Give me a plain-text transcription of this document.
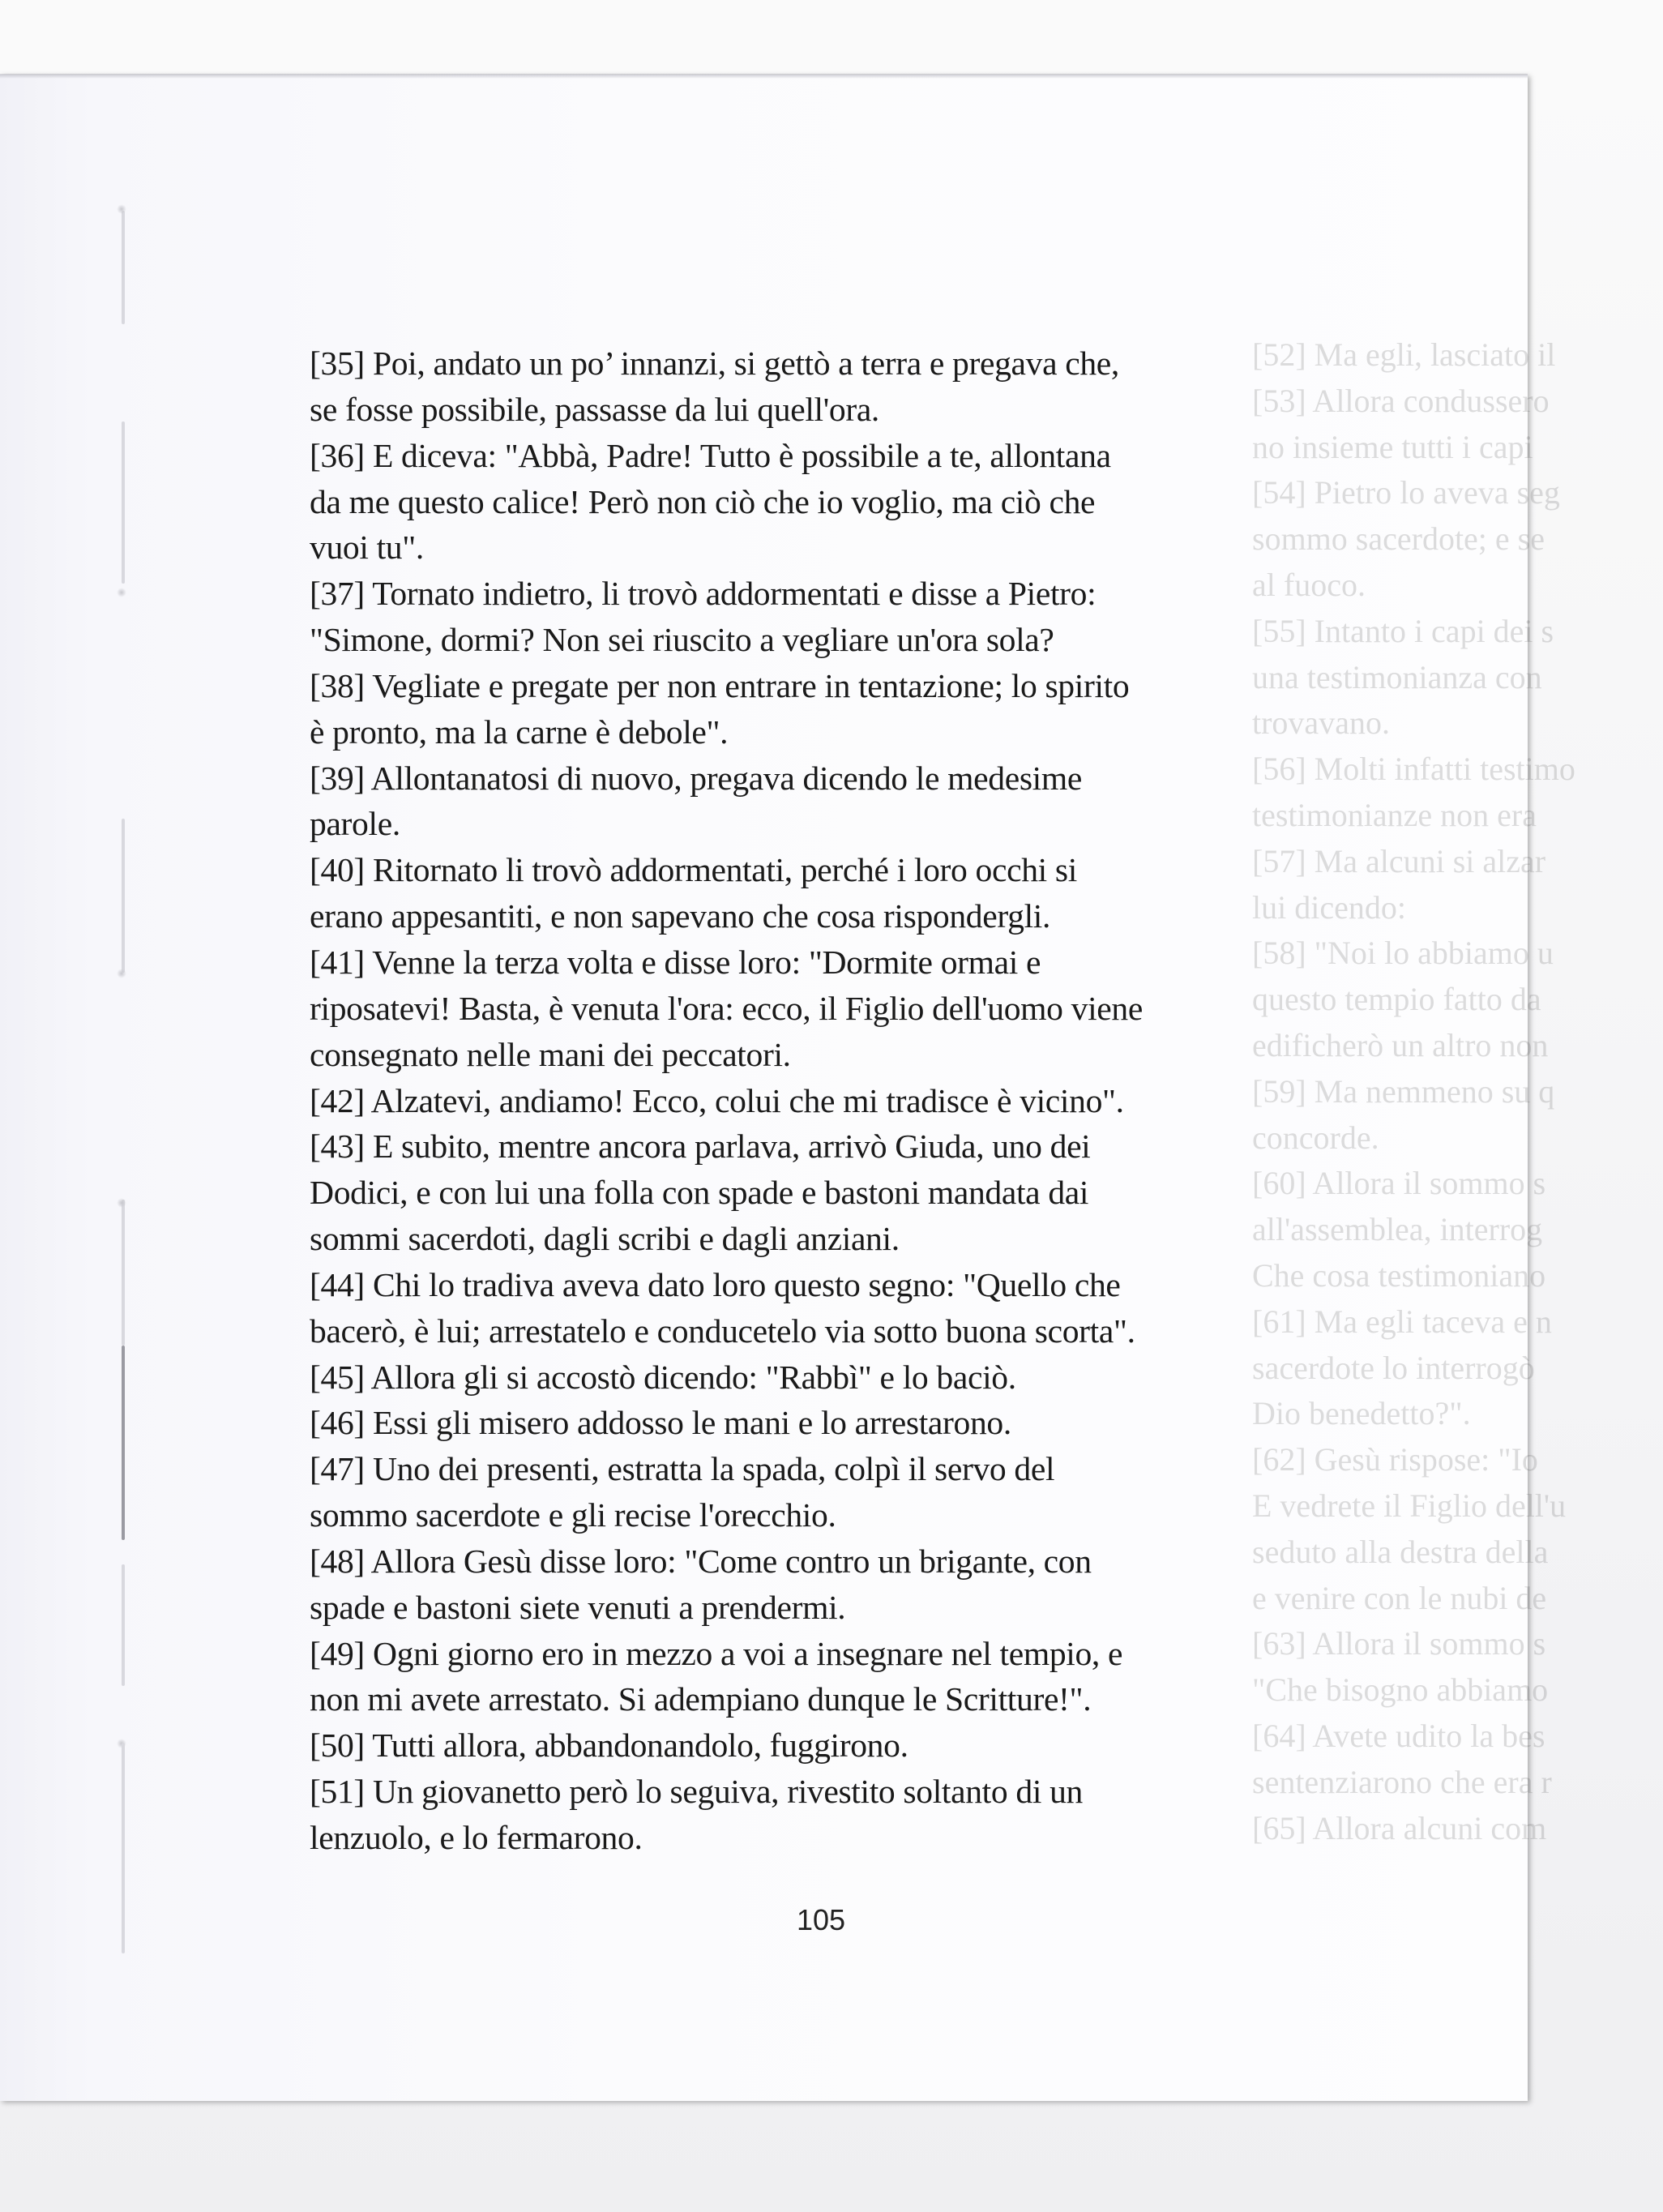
[52] Ma egli, lasciato il
[53] Allora condussero
no insieme tutti i capi
[54] Pietro lo aveva seg
sommo sacerdote; e se
al fuoco.
[55] Intanto i capi dei s
una testimonianza con
trovavano.
[56] Molti infatti testimo
testimonianze non era
[57] Ma alcuni si alzar
lui dicendo:
[58] "Noi lo abbiamo u
questo tempio fatto da
edificherò un altro non
[59] Ma nemmeno su q
concorde.
[60] Allora il sommo s
all'assemblea, interrog
Che cosa testimoniano
[61] Ma egli taceva e n
sacerdote lo interrogò
Dio benedetto?".
[62] Gesù rispose: "Io
E vedrete il Figlio dell'u
seduto alla destra della
e venire con le nubi de
[63] Allora il sommo s
"Che bisogno abbiamo
[64] Avete udito la bes
sentenziarono che era r
[65] Allora alcuni com
[35] Poi, andato un po’ innanzi, si gettò a terra e pregava che,
se fosse possibile, passasse da lui quell'ora.
[36] E diceva: "Abbà, Padre! Tutto è possibile a te, allontana
da me questo calice! Però non ciò che io voglio, ma ciò che
vuoi tu".
[37] Tornato indietro, li trovò addormentati e disse a Pietro:
"Simone, dormi? Non sei riuscito a vegliare un'ora sola?
[38] Vegliate e pregate per non entrare in tentazione; lo spirito
è pronto, ma la carne è debole".
[39] Allontanatosi di nuovo, pregava dicendo le medesime
parole.
[40] Ritornato li trovò addormentati, perché i loro occhi si
erano appesantiti, e non sapevano che cosa rispondergli.
[41] Venne la terza volta e disse loro: "Dormite ormai e
riposatevi! Basta, è venuta l'ora: ecco, il Figlio dell'uomo viene
consegnato nelle mani dei peccatori.
[42] Alzatevi, andiamo! Ecco, colui che mi tradisce è vicino".
[43] E subito, mentre ancora parlava, arrivò Giuda, uno dei
Dodici, e con lui una folla con spade e bastoni mandata dai
sommi sacerdoti, dagli scribi e dagli anziani.
[44] Chi lo tradiva aveva dato loro questo segno: "Quello che
bacerò, è lui; arrestatelo e conducetelo via sotto buona scorta".
[45] Allora gli si accostò dicendo: "Rabbì" e lo baciò.
[46] Essi gli misero addosso le mani e lo arrestarono.
[47] Uno dei presenti, estratta la spada, colpì il servo del
sommo sacerdote e gli recise l'orecchio.
[48] Allora Gesù disse loro: "Come contro un brigante, con
spade e bastoni siete venuti a prendermi.
[49] Ogni giorno ero in mezzo a voi a insegnare nel tempio, e
non mi avete arrestato. Si adempiano dunque le Scritture!".
[50] Tutti allora, abbandonandolo, fuggirono.
[51] Un giovanetto però lo seguiva, rivestito soltanto di un
lenzuolo, e lo fermarono.
105
